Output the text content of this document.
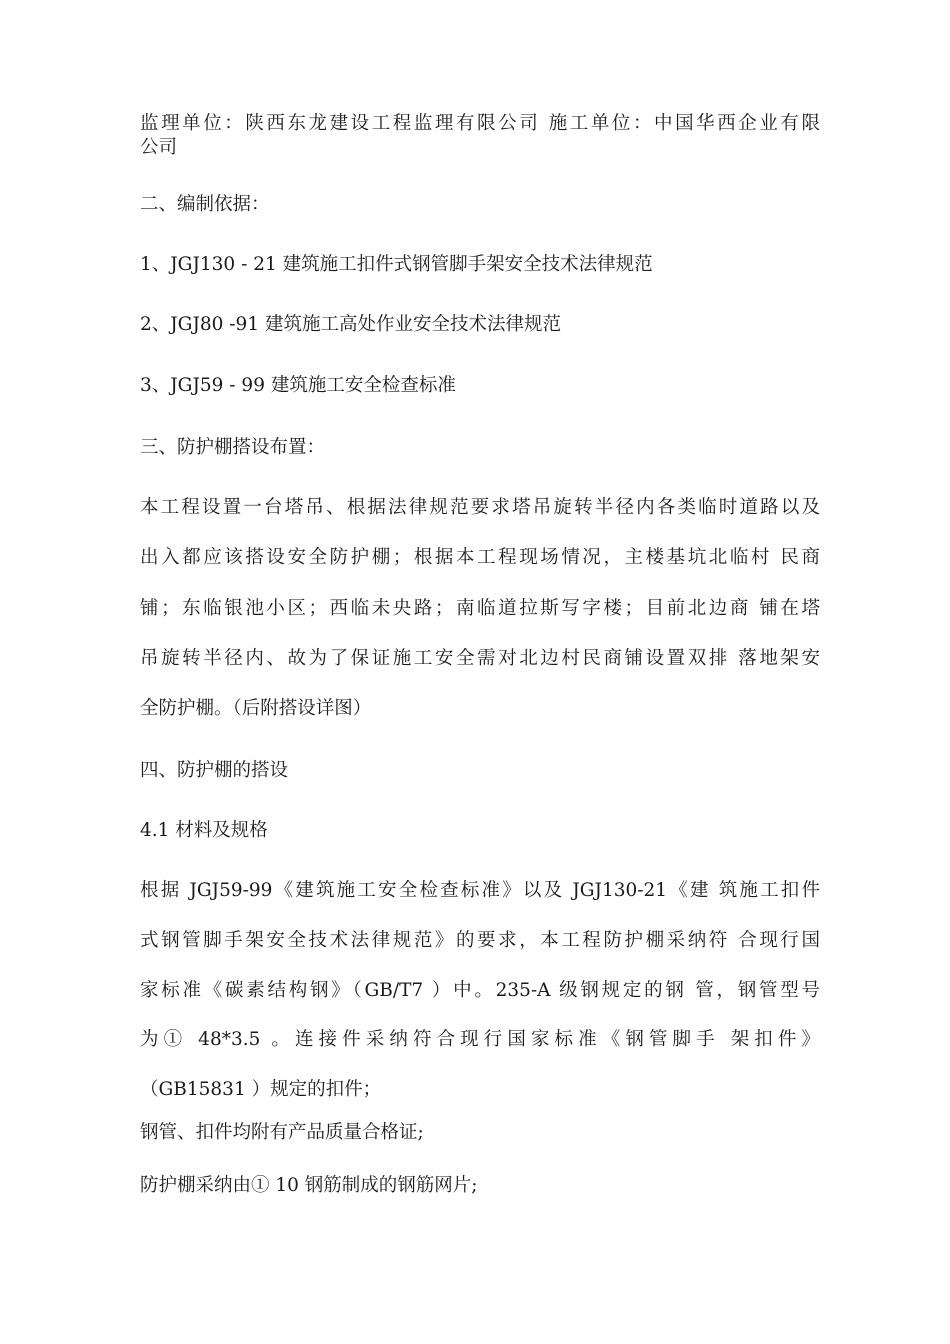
监理单位：陕西东龙建设工程监理有限公司 施工单位：中国华西企业有限
公司
二、编制依据：
1、JGJ130 - 21 建筑施工扣件式钢管脚手架安全技术法律规范
2、JGJ80 -91 建筑施工高处作业安全技术法律规范
3、JGJ59 - 99 建筑施工安全检查标准
三、防护棚搭设布置：
本工程设置一台塔吊、根据法律规范要求塔吊旋转半径内各类临时道路以及
出入都应该搭设安全防护棚；根据本工程现场情况，主楼基坑北临村 民商
铺；东临银池小区；西临未央路；南临道拉斯写字楼；目前北边商 铺在塔
吊旋转半径内、故为了保证施工安全需对北边村民商铺设置双排 落地架安
全防护棚。（后附搭设详图）
四、防护棚的搭设
4.1 材料及规格
根据 JGJ59-99《建筑施工安全检查标准》以及 JGJ130-21《建 筑施工扣件
式钢管脚手架安全技术法律规范》的要求，本工程防护棚采纳符 合现行国
家标准《碳素结构钢》（GB/T7 ）中。235-A 级钢规定的钢 管，钢管型号
为① 48*3.5 。连接件采纳符合现行国家标准《钢管脚手 架扣件》
（GB15831 ）规定的扣件；
钢管、扣件均附有产品质量合格证;
防护棚采纳由① 10 钢筋制成的钢筋网片;
